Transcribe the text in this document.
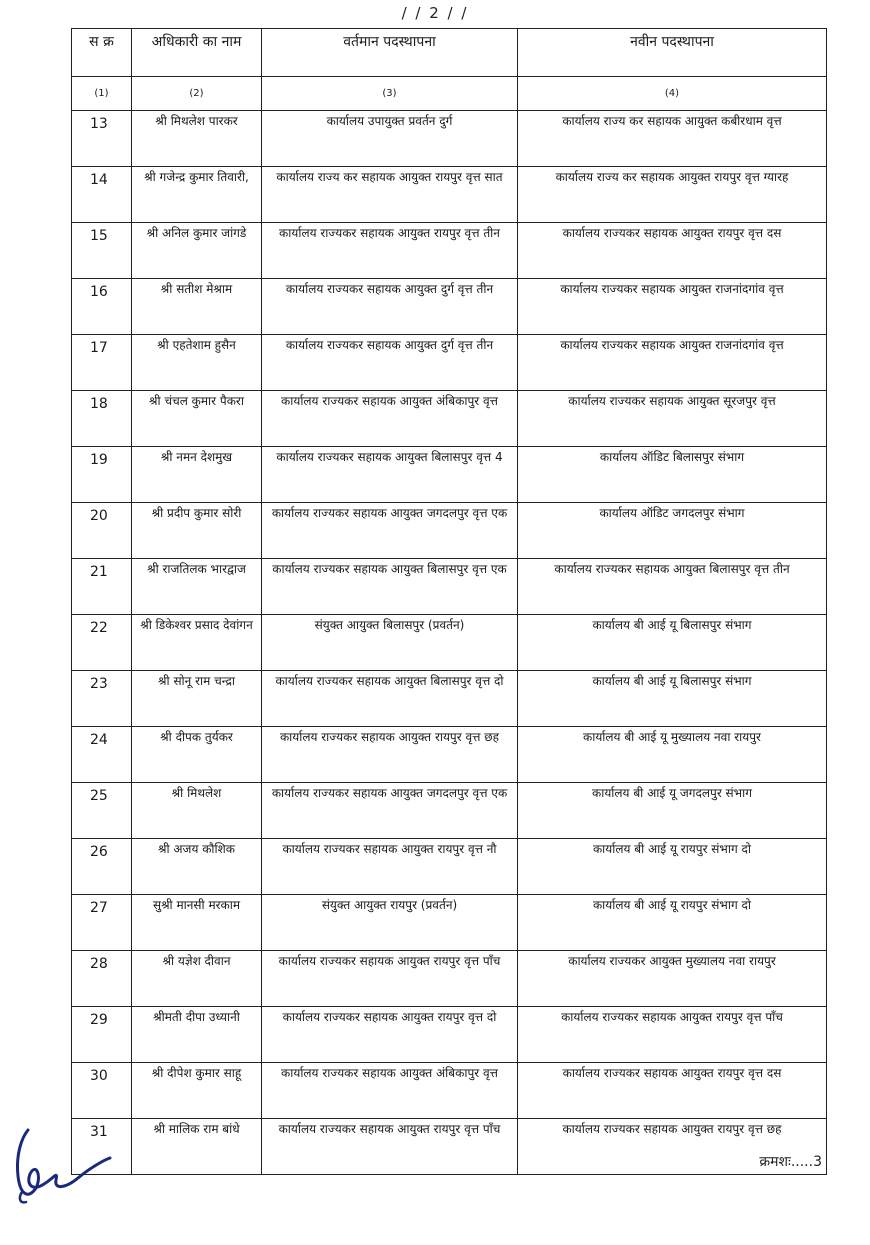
/ / 2 / /
स क्र	अधिकारी का नाम	वर्तमान पदस्थापना	नवीन पदस्थापना
(1)	(2)	(3)	(4)
13	श्री मिथलेश पारकर	कार्यालय उपायुक्त प्रवर्तन दुर्ग	कार्यालय राज्य कर सहायक आयुक्त कबीरधाम वृत्त
14	श्री गजेन्द्र कुमार तिवारी,	कार्यालय राज्य कर सहायक आयुक्त रायपुर वृत्त सात	कार्यालय राज्य कर सहायक आयुक्त रायपुर वृत्त ग्यारह
15	श्री अनिल कुमार जांगडे	कार्यालय राज्यकर सहायक आयुक्त रायपुर वृत्त तीन	कार्यालय राज्यकर सहायक आयुक्त रायपुर वृत्त दस
16	श्री सतीश मेश्राम	कार्यालय राज्यकर सहायक आयुक्त दुर्ग वृत्त तीन	कार्यालय राज्यकर सहायक आयुक्त राजनांदगांव वृत्त
17	श्री एहतेशाम हुसैन	कार्यालय राज्यकर सहायक आयुक्त दुर्ग वृत्त तीन	कार्यालय राज्यकर सहायक आयुक्त राजनांदगांव वृत्त
18	श्री चंचल कुमार पैकरा	कार्यालय राज्यकर सहायक आयुक्त अंबिकापुर वृत्त	कार्यालय राज्यकर सहायक आयुक्त सूरजपुर वृत्त
19	श्री नमन देशमुख	कार्यालय राज्यकर सहायक आयुक्त बिलासपुर वृत्त 4	कार्यालय ऑडिट बिलासपुर संभाग
20	श्री प्रदीप कुमार सोरी	कार्यालय राज्यकर सहायक आयुक्त जगदलपुर वृत्त एक	कार्यालय ऑडिट जगदलपुर संभाग
21	श्री राजतिलक भारद्वाज	कार्यालय राज्यकर सहायक आयुक्त बिलासपुर वृत्त एक	कार्यालय राज्यकर सहायक आयुक्त बिलासपुर वृत्त तीन
22	श्री डिकेश्वर प्रसाद देवांगन	संयुक्त आयुक्त बिलासपुर (प्रवर्तन)	कार्यालय बी आई यू बिलासपुर संभाग
23	श्री सोनू राम चन्द्रा	कार्यालय राज्यकर सहायक आयुक्त बिलासपुर वृत्त दो	कार्यालय बी आई यू बिलासपुर संभाग
24	श्री दीपक तुर्यकर	कार्यालय राज्यकर सहायक आयुक्त रायपुर वृत्त छह	कार्यालय बी आई यू मुख्यालय नवा रायपुर
25	श्री मिथलेश	कार्यालय राज्यकर सहायक आयुक्त जगदलपुर वृत्त एक	कार्यालय बी आई यू जगदलपुर संभाग
26	श्री अजय कौशिक	कार्यालय राज्यकर सहायक आयुक्त रायपुर वृत्त नौ	कार्यालय बी आई यू रायपुर संभाग दो
27	सुश्री मानसी मरकाम	संयुक्त आयुक्त रायपुर (प्रवर्तन)	कार्यालय बी आई यू रायपुर संभाग दो
28	श्री यज्ञेश दीवान	कार्यालय राज्यकर सहायक आयुक्त रायपुर वृत्त पाँच	कार्यालय राज्यकर आयुक्त मुख्यालय नवा रायपुर
29	श्रीमती दीपा उध्यानी	कार्यालय राज्यकर सहायक आयुक्त रायपुर वृत्त दो	कार्यालय राज्यकर सहायक आयुक्त रायपुर वृत्त पाँच
30	श्री दीपेश कुमार साहू	कार्यालय राज्यकर सहायक आयुक्त अंबिकापुर वृत्त	कार्यालय राज्यकर सहायक आयुक्त रायपुर वृत्त दस
31	श्री मालिक राम बांधे	कार्यालय राज्यकर सहायक आयुक्त रायपुर वृत्त पाँच	कार्यालय राज्यकर सहायक आयुक्त रायपुर वृत्त छह
क्रमशः.....3
